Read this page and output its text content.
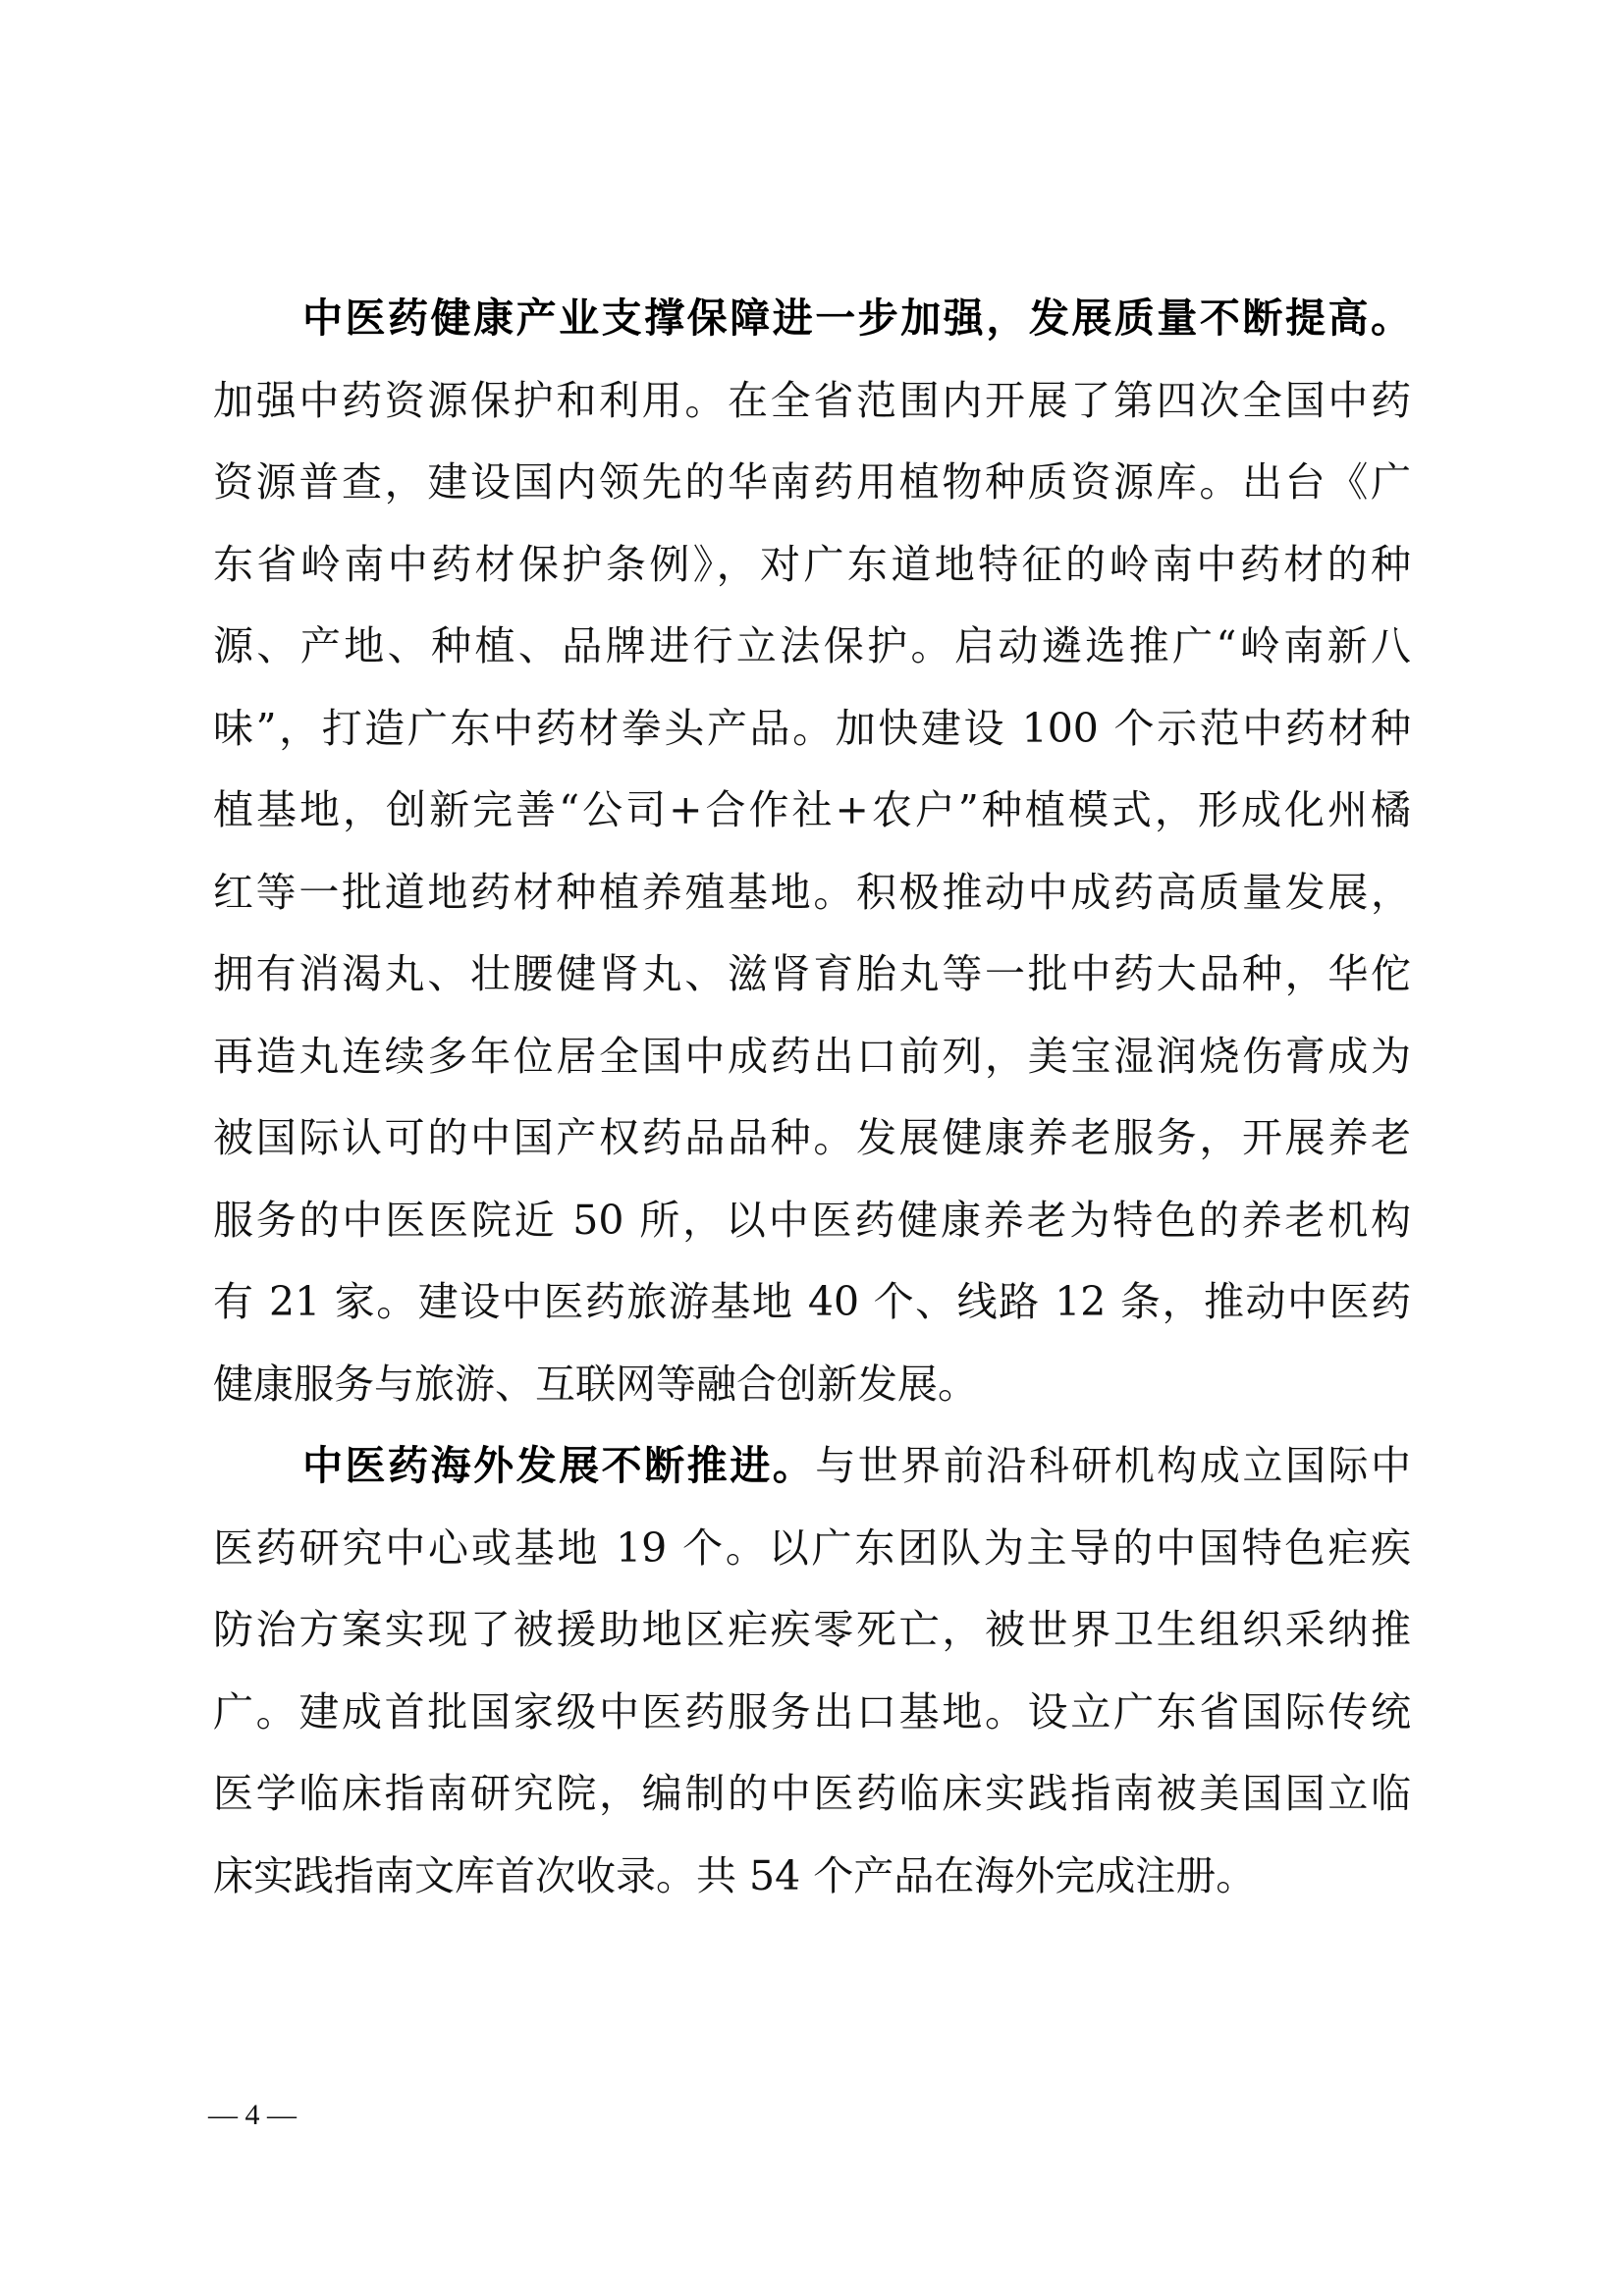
中医药健康产业支撑保障进一步加强，发展质量不断提高。
加强中药资源保护和利用。在全省范围内开展了第四次全国中药
资源普查，建设国内领先的华南药用植物种质资源库。出台《广
东省岭南中药材保护条例》，对广东道地特征的岭南中药材的种
源、产地、种植、品牌进行立法保护。启动遴选推广“岭南新八
味”，打造广东中药材拳头产品。加快建设 100 个示范中药材种
植基地，创新完善“公司+合作社+农户”种植模式，形成化州橘
红等一批道地药材种植养殖基地。积极推动中成药高质量发展，
拥有消渴丸、壮腰健肾丸、滋肾育胎丸等一批中药大品种，华佗
再造丸连续多年位居全国中成药出口前列，美宝湿润烧伤膏成为
被国际认可的中国产权药品品种。发展健康养老服务，开展养老
服务的中医医院近 50 所，以中医药健康养老为特色的养老机构
有 21 家。建设中医药旅游基地 40 个、线路 12 条，推动中医药
健康服务与旅游、互联网等融合创新发展。
中医药海外发展不断推进。与世界前沿科研机构成立国际中
医药研究中心或基地 19 个。以广东团队为主导的中国特色疟疾
防治方案实现了被援助地区疟疾零死亡，被世界卫生组织采纳推
广。建成首批国家级中医药服务出口基地。设立广东省国际传统
医学临床指南研究院，编制的中医药临床实践指南被美国国立临
床实践指南文库首次收录。共 54 个产品在海外完成注册。
— 4 —
